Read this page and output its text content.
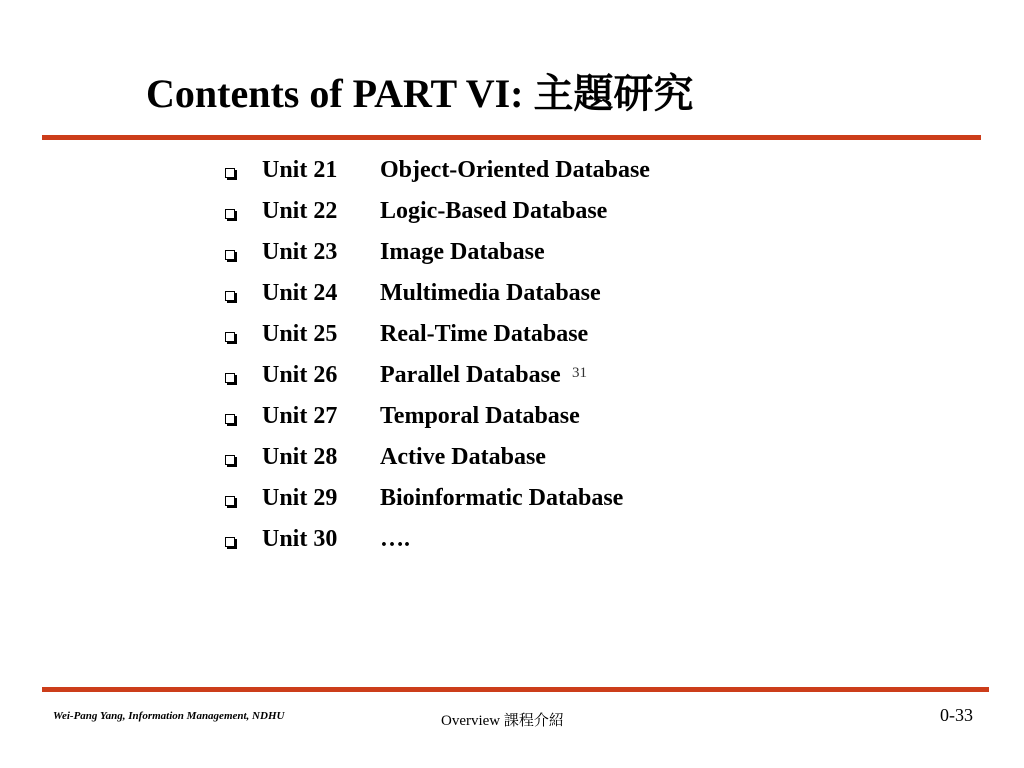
Contents of PART VI: 主題研究
Unit 21	Object-Oriented Database
Unit 22	Logic-Based Database
Unit 23	Image Database
Unit 24	Multimedia Database
Unit 25	Real-Time Database
Unit 26	Parallel Database
Unit 27	Temporal Database
Unit 28	Active Database
Unit 29	Bioinformatic Database
Unit 30	….
31
Wei-Pang Yang, Information Management, NDHU	Overview 課程介紹	0-33
